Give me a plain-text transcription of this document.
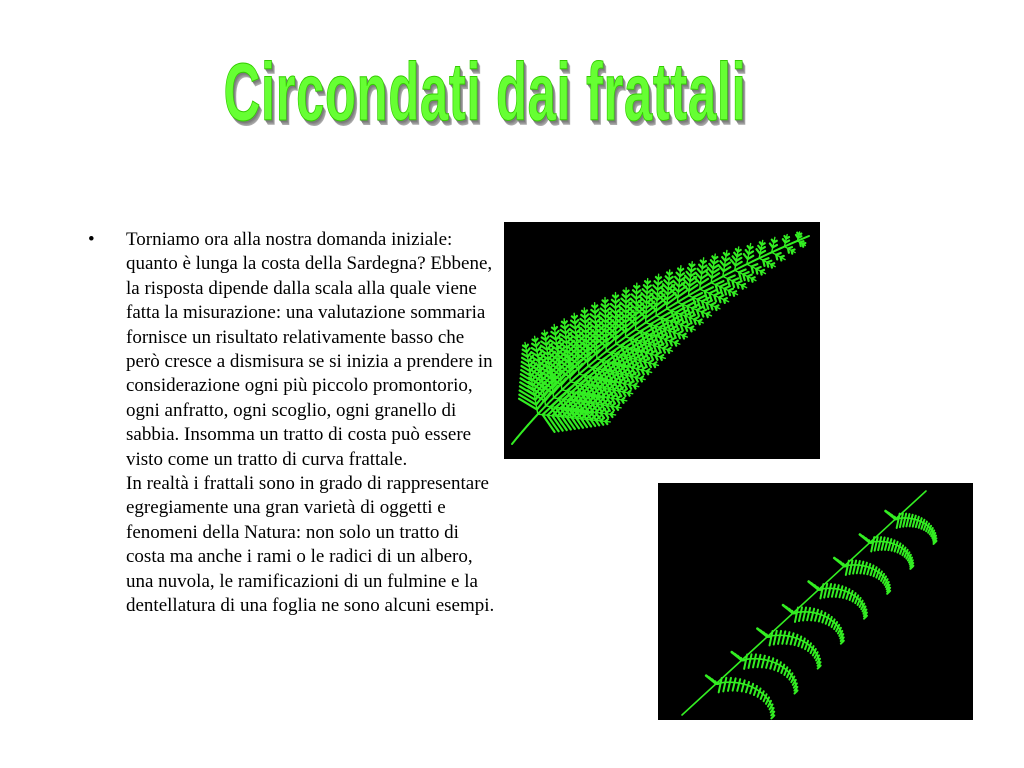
Circondati dai frattali
•	Torniamo ora alla nostra domanda iniziale: quanto è lunga la costa della Sardegna? Ebbene, la risposta dipende dalla scala alla quale viene fatta la misurazione: una valutazione sommaria fornisce un risultato relativamente basso che però cresce a dismisura se si inizia a prendere in considerazione ogni più piccolo promontorio, ogni anfratto, ogni scoglio, ogni granello di sabbia. Insomma un tratto di costa può essere visto come un tratto di curva frattale.

In realtà i frattali sono in grado di rappresentare egregiamente una gran varietà di oggetti e fenomeni della Natura: non solo un tratto di costa ma anche i rami o le radici di un albero, una nuvola, le ramificazioni di un fulmine e la dentellatura di una foglia ne sono alcuni esempi.
